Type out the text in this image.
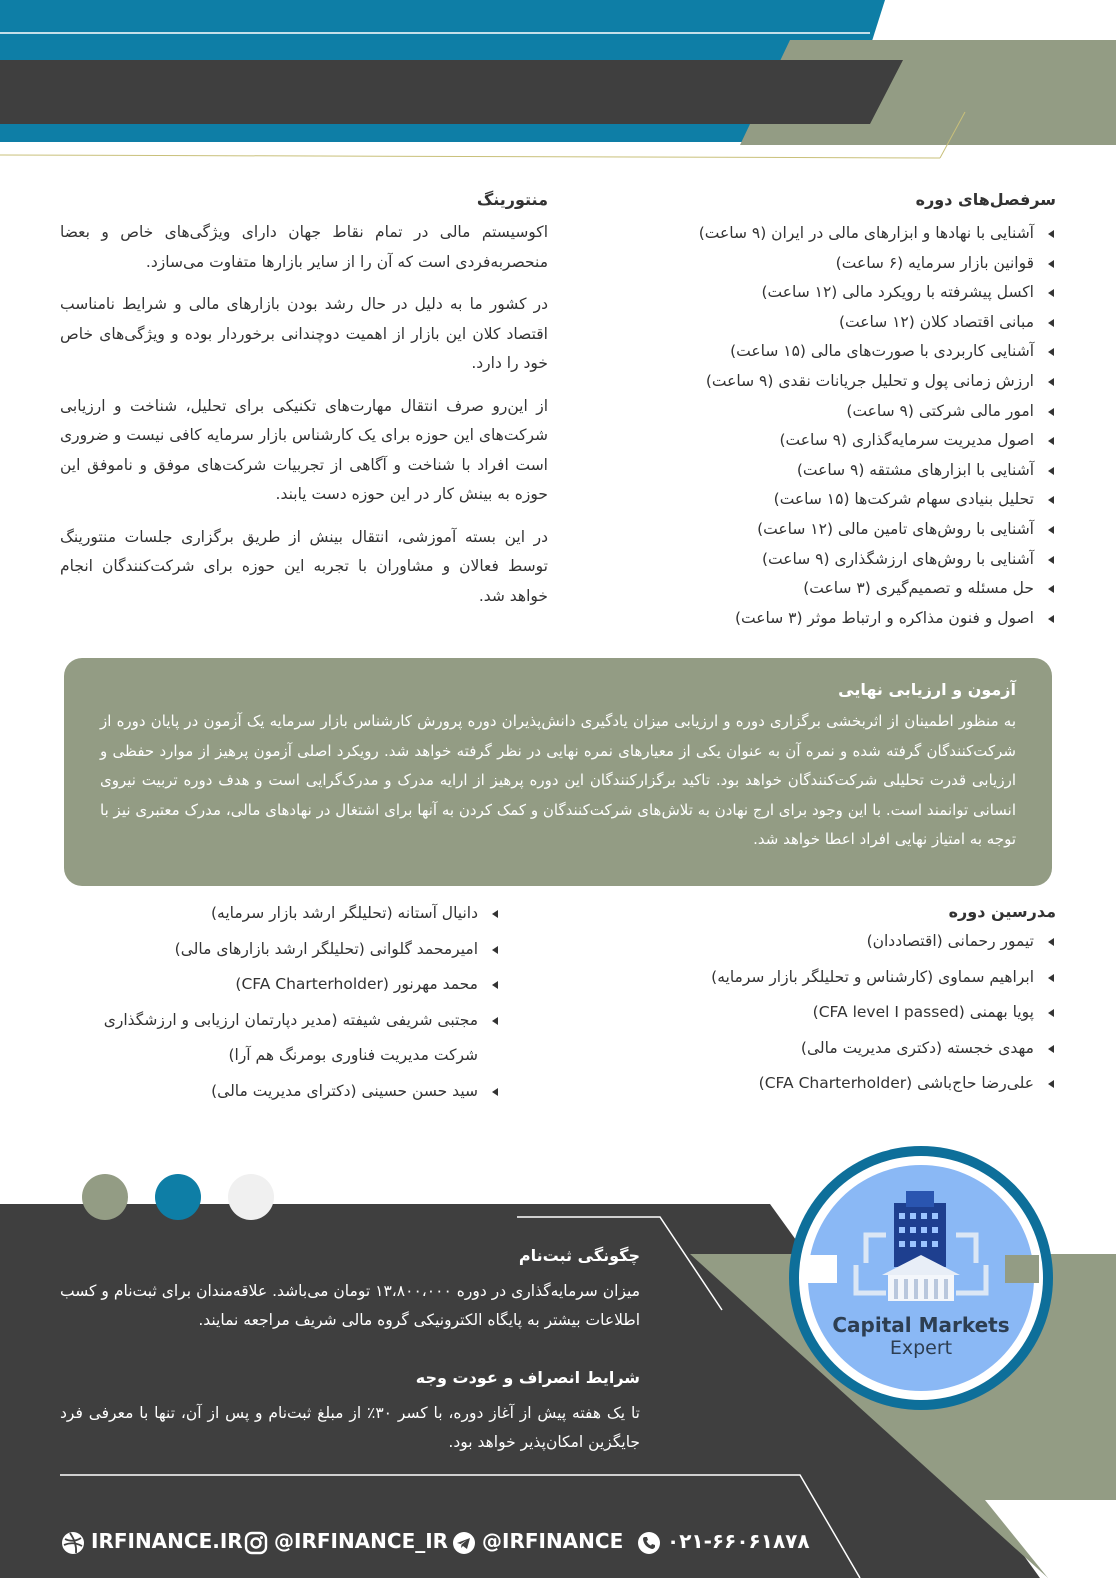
سرفصل‌های دوره
آشنایی با نهادها و ابزارهای مالی در ایران (۹ ساعت)
قوانین بازار سرمایه (۶ ساعت)
اکسل پیشرفته با رویکرد مالی (۱۲ ساعت)
مبانی اقتصاد کلان (۱۲ ساعت)
آشنایی کاربردی با صورت‌های مالی (۱۵ ساعت)
ارزش زمانی پول و تحلیل جریانات نقدی (۹ ساعت)
امور مالی شرکتی (۹ ساعت)
اصول مدیریت سرمایه‌گذاری (۹ ساعت)
آشنایی با ابزارهای مشتقه (۹ ساعت)
تحلیل بنیادی سهام شرکت‌ها (۱۵ ساعت)
آشنایی با روش‌های تامین مالی (۱۲ ساعت)
آشنایی با روش‌های ارزشگذاری (۹ ساعت)
حل مسئله و تصمیم‌گیری (۳ ساعت)
اصول و فنون مذاکره و ارتباط موثر (۳ ساعت)
منتورینگ

اکوسیستم مالی در تمام نقاط جهان دارای ویژگی‌های خاص و بعضا منحصربه‌فردی است که آن را از سایر بازارها متفاوت می‌سازد.

در کشور ما به دلیل در حال رشد بودن بازارهای مالی و شرایط نامناسب اقتصاد کلان این بازار از اهمیت دوچندانی برخوردار بوده و ویژگی‌های خاص خود را دارد.

از این‌رو صرف انتقال مهارت‌های تکنیکی برای تحلیل، شناخت و ارزیابی شرکت‌های این حوزه برای یک کارشناس بازار سرمایه کافی نیست و ضروری است افراد با شناخت و آگاهی از تجربیات شرکت‌های موفق و ناموفق این حوزه به بینش کار در این حوزه دست یابند.

در این بسته آموزشی، انتقال بینش از طریق برگزاری جلسات منتورینگ توسط فعالان و مشاوران با تجربه این حوزه برای شرکت‌کنندگان انجام خواهد شد.

آزمون و ارزیابی نهایی

به منظور اطمینان از اثربخشی برگزاری دوره و ارزیابی میزان یادگیری دانش‌پذیران دوره پرورش کارشناس بازار سرمایه یک آزمون در پایان دوره از شرکت‌کنندگان گرفته شده و نمره آن به عنوان یکی از معیارهای نمره نهایی در نظر گرفته خواهد شد. رویکرد اصلی آزمون پرهیز از موارد حفظی و ارزیابی قدرت تحلیلی شرکت‌کنندگان خواهد بود. تاکید برگزارکنندگان این دوره پرهیز از ارایه مدرک و مدرک‌گرایی است و هدف دوره تربیت نیروی انسانی توانمند است. با این وجود برای ارج نهادن به تلاش‌های شرکت‌کنندگان و کمک کردن به آنها برای اشتغال در نهادهای مالی، مدرک معتبری نیز با توجه به امتیاز نهایی افراد اعطا خواهد شد.

مدرسین دوره
تیمور رحمانی (اقتصاددان)
ابراهیم سماوی (کارشناس و تحلیلگر بازار سرمایه)
پویا بهمنی (CFA level I passed)
مهدی خجسته (دکتری مدیریت مالی)
علی‌رضا حاج‌باشی (CFA Charterholder)
دانیال آستانه (تحلیلگر ارشد بازار سرمایه)
امیرمحمد گلوانی (تحلیلگر ارشد بازارهای مالی)
محمد مهرنور (CFA Charterholder)
مجتبی شریفی شیفته (مدیر دپارتمان ارزیابی و ارزشگذاری شرکت مدیریت فناوری بومرنگ هم آرا)
سید حسن حسینی (دکترای مدیریت مالی)
Capital Markets
Expert
چگونگی ثبت‌نام

میزان سرمایه‌گذاری در دوره ۱۳،۸۰۰،۰۰۰ تومان می‌باشد. علاقه‌مندان برای ثبت‌نام و کسب اطلاعات بیشتر به پایگاه الکترونیکی گروه مالی شریف مراجعه نمایند.

شرایط انصراف و عودت وجه

تا یک هفته پیش از آغاز دوره، با کسر ۳۰٪ از مبلغ ثبت‌نام و پس از آن، تنها با معرفی فرد جایگزین امکان‌پذیر خواهد بود.

IRFINANCE.IR	@IRFINANCE_IR	@IRFINANCE	۰۲۱-۶۶۰۶۱۸۷۸
